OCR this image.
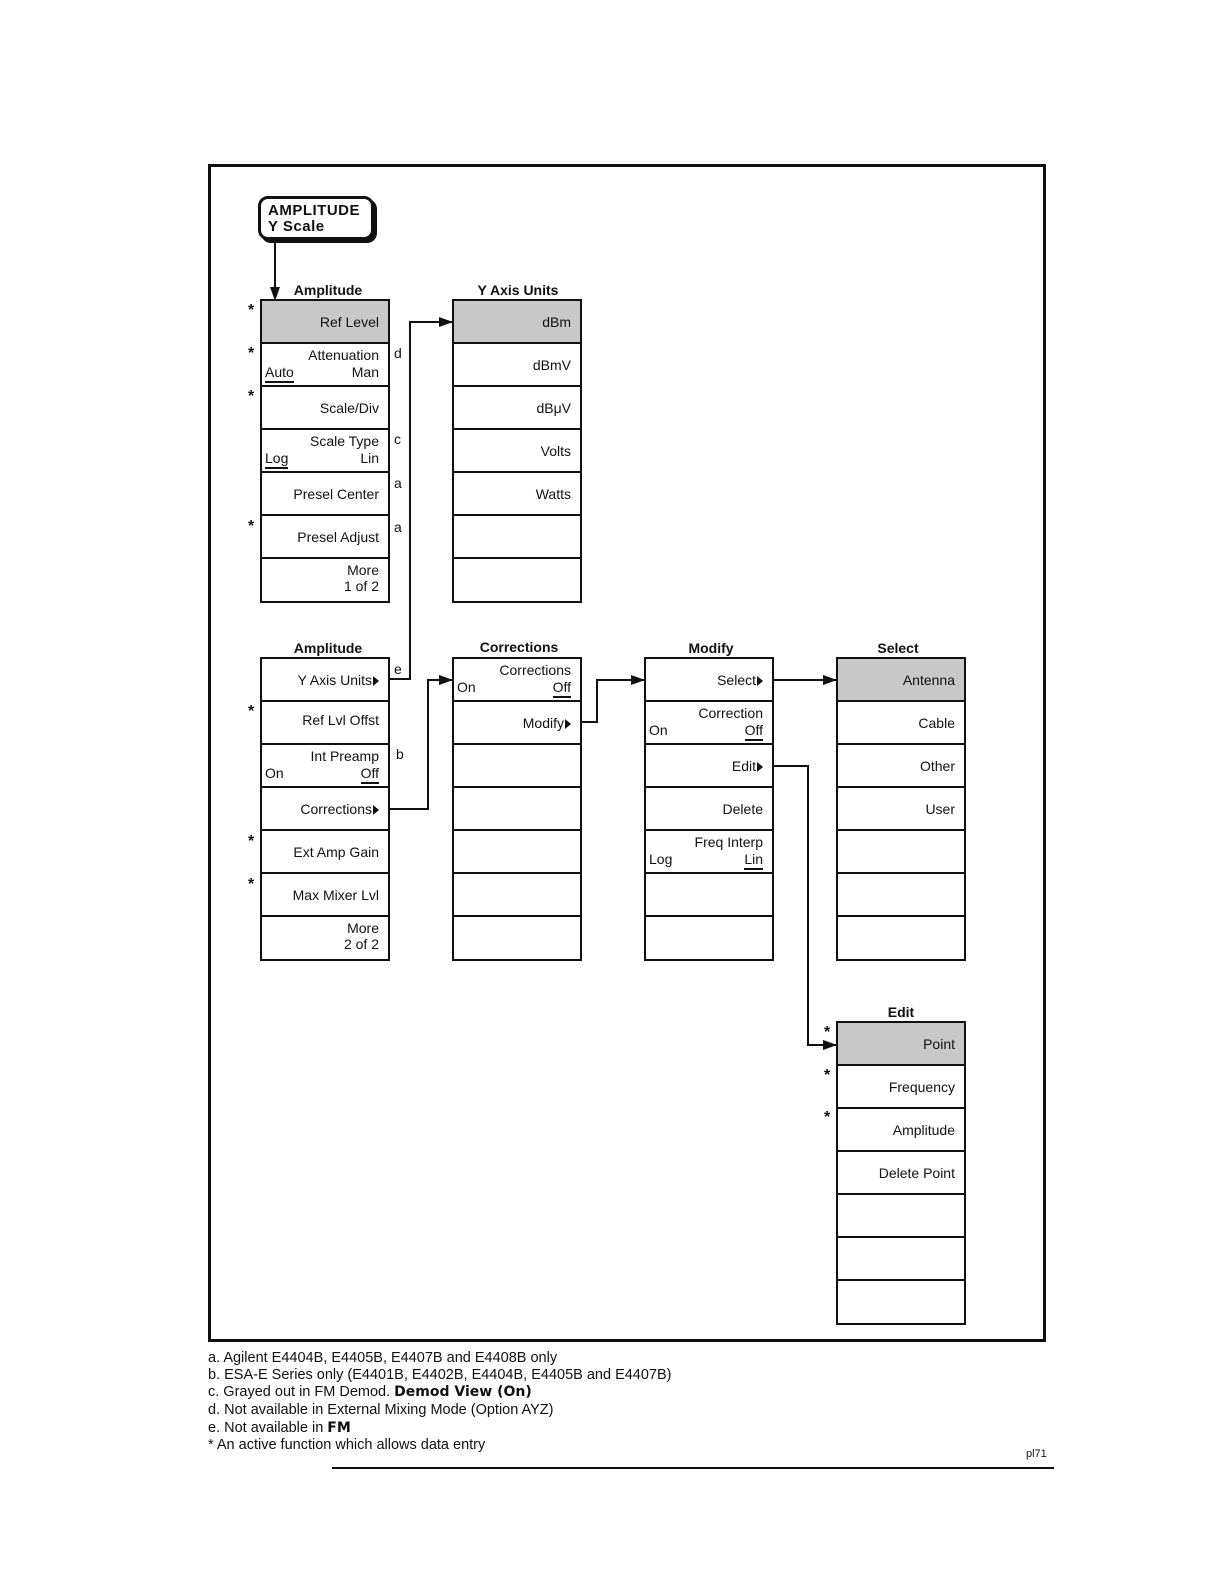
AMPLITUDE
Y Scale
Amplitude
Ref Level
Attenuation
Auto	Man
Scale/Div
Scale Type
Log	Lin
Presel Center
Presel Adjust
More
1 of 2
*
*
*
*
d
c
a
a
Y Axis Units
dBm
dBmV
dBμV
Volts
Watts
Amplitude
Y Axis Units
Ref Lvl Offst
Int Preamp
On	Off
Corrections
Ext Amp Gain
Max Mixer Lvl
More
2 of 2
*
*
*
e
b
Corrections
Corrections
On	Off
Modify
Modify
Select
Correction
On	Off
Edit
Delete
Freq Interp
Log	Lin
Select
Antenna
Cable
Other
User
Edit
Point
Frequency
Amplitude
Delete Point
*
*
*
a. Agilent E4404B, E4405B, E4407B and E4408B only
b. ESA-E Series only (E4401B, E4402B, E4404B, E4405B and E4407B)
c. Grayed out in FM Demod. Demod View (On)
d. Not available in External Mixing Mode (Option AYZ)
e. Not available in FM
* An active function which allows data entry
pl71
